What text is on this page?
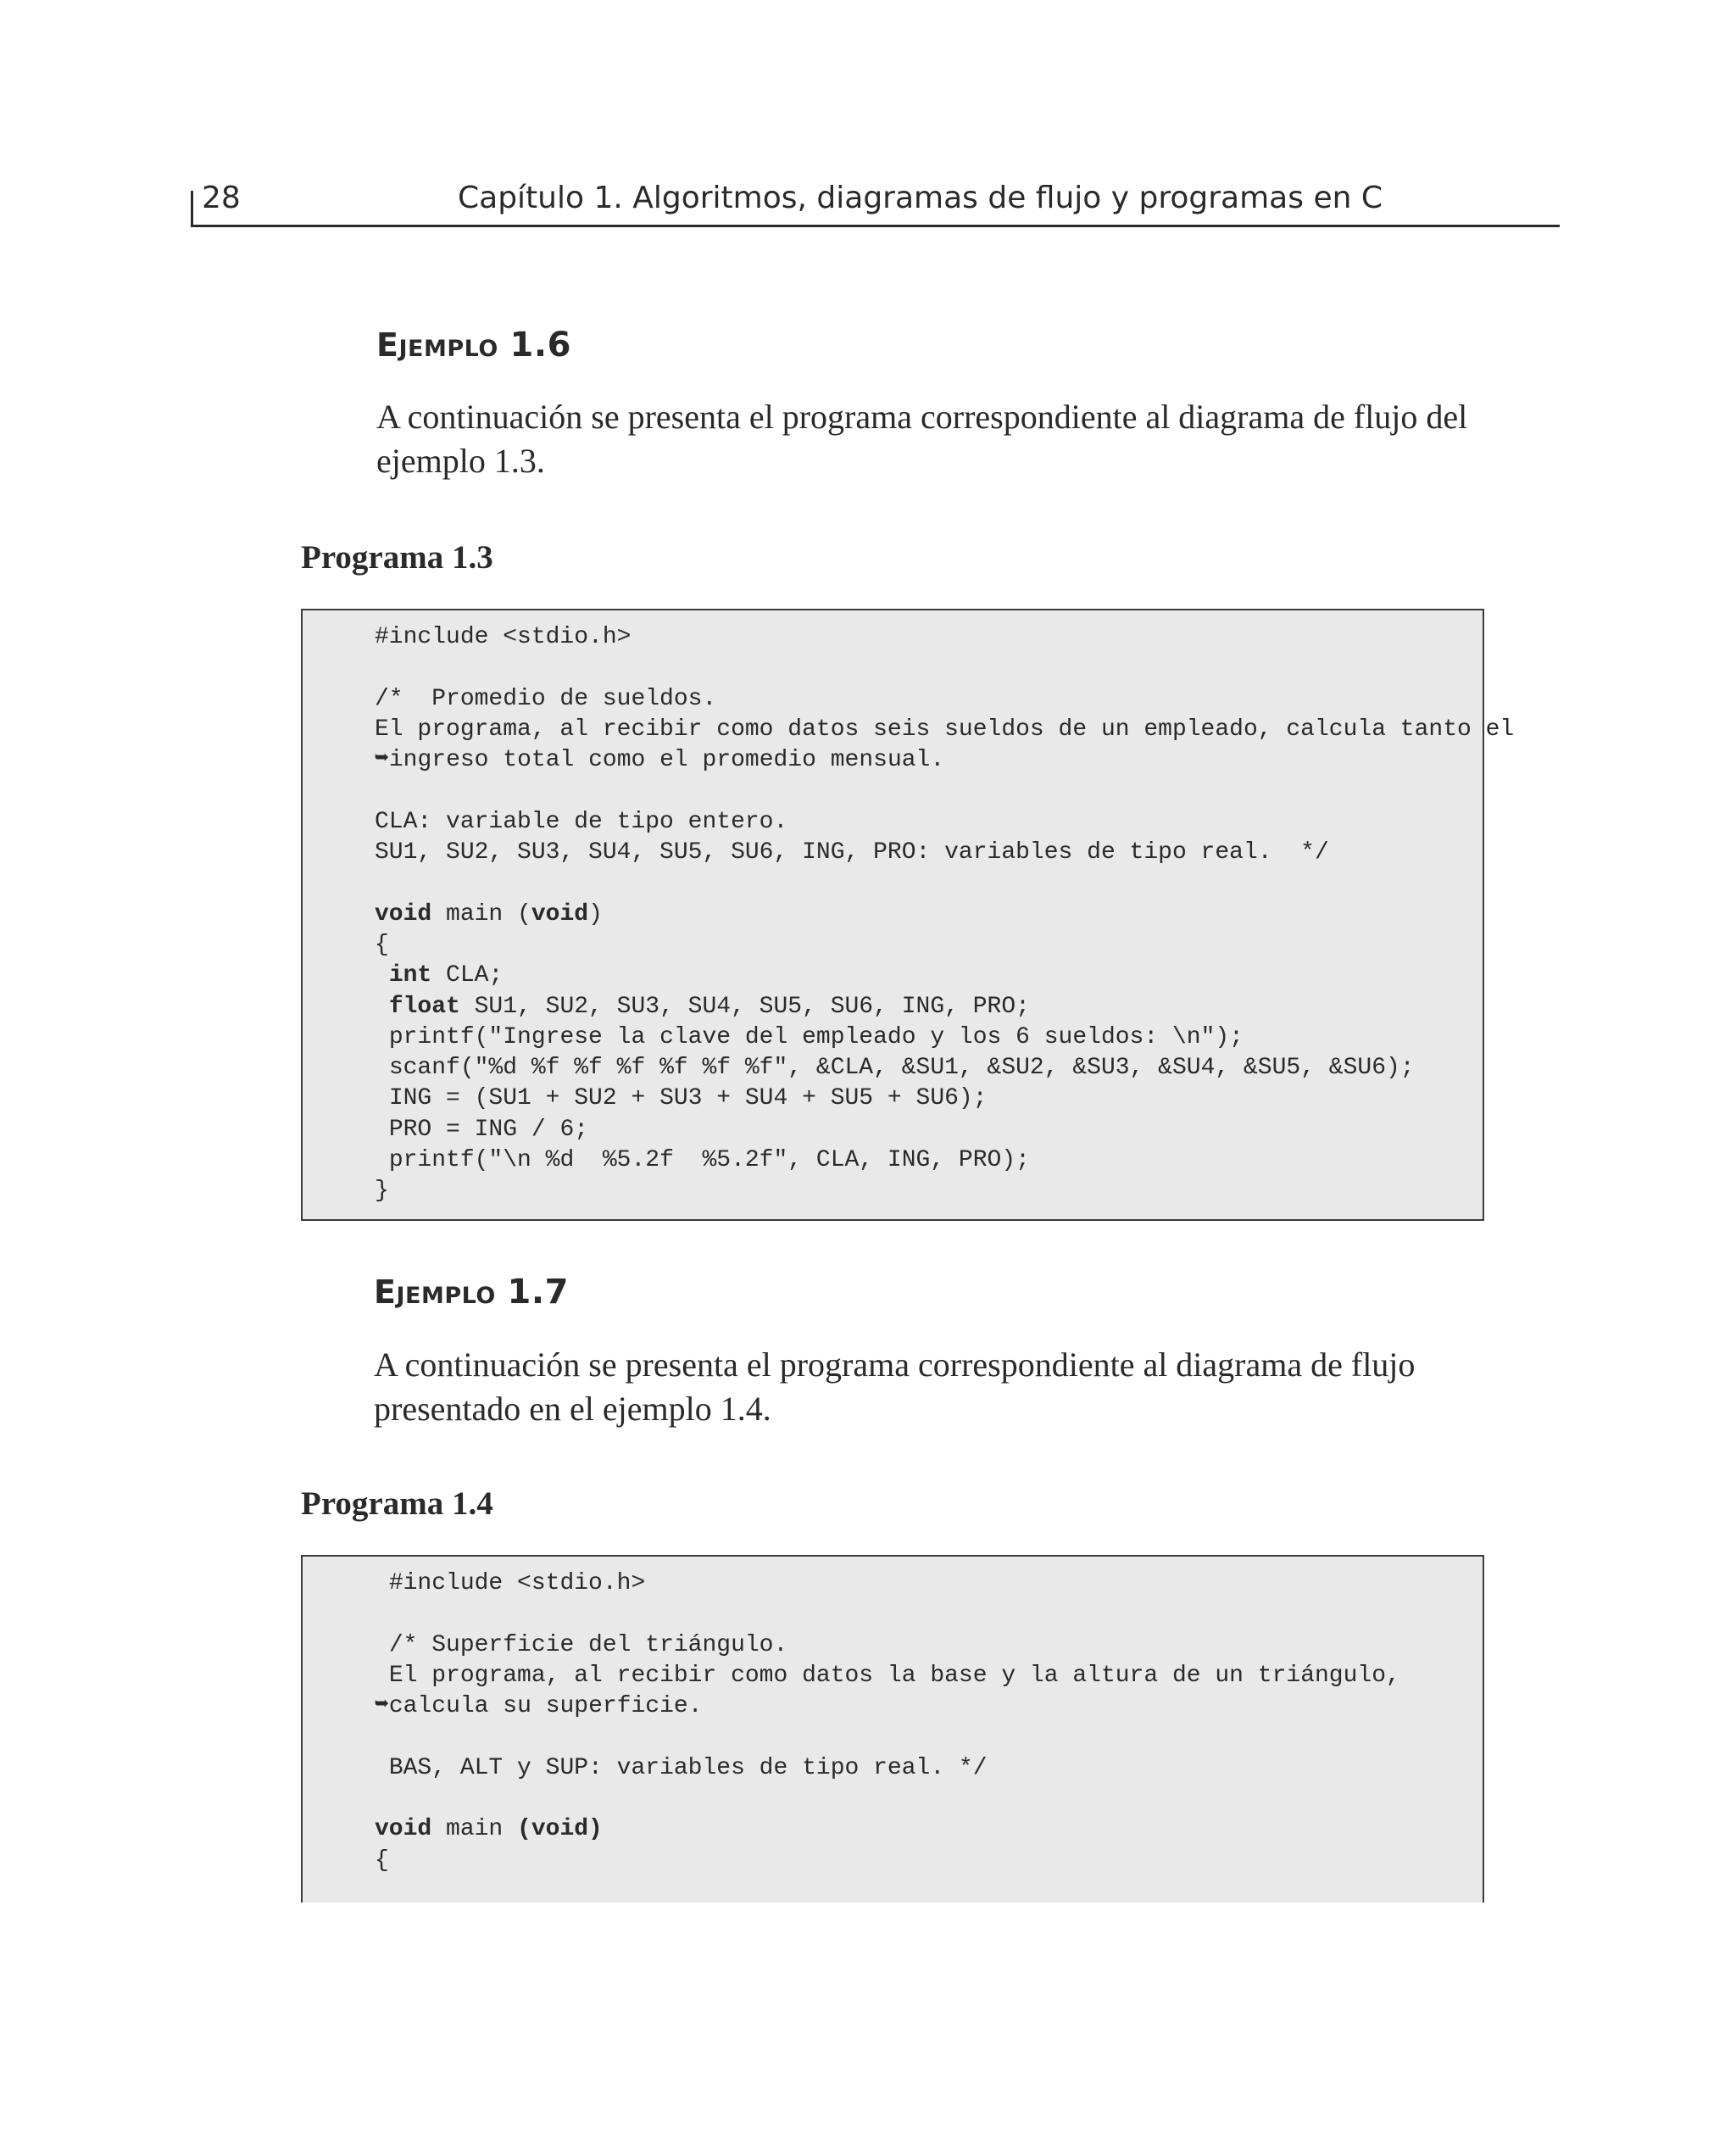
28	Capítulo 1. Algoritmos, diagramas de flujo y programas en C
Ejemplo 1.6
A continuación se presenta el programa correspondiente al diagrama de flujo del ejemplo 1.3.
Programa 1.3
#include <stdio.h>

/*  Promedio de sueldos.
El programa, al recibir como datos seis sueldos de un empleado, calcula tanto el
➥ingreso total como el promedio mensual.

CLA: variable de tipo entero.
SU1, SU2, SU3, SU4, SU5, SU6, ING, PRO: variables de tipo real.  */

void main (void)
{
int CLA;
float SU1, SU2, SU3, SU4, SU5, SU6, ING, PRO;
printf("Ingrese la clave del empleado y los 6 sueldos: \n");
scanf("%d %f %f %f %f %f %f", &CLA, &SU1, &SU2, &SU3, &SU4, &SU5, &SU6);
ING = (SU1 + SU2 + SU3 + SU4 + SU5 + SU6);
PRO = ING / 6;
printf("\n %d  %5.2f  %5.2f", CLA, ING, PRO);
}
Ejemplo 1.7
A continuación se presenta el programa correspondiente al diagrama de flujo presentado en el ejemplo 1.4.
Programa 1.4
#include <stdio.h>

/* Superficie del triángulo.
El programa, al recibir como datos la base y la altura de un triángulo,
➥calcula su superficie.

BAS, ALT y SUP: variables de tipo real. */

void main (void)
{
